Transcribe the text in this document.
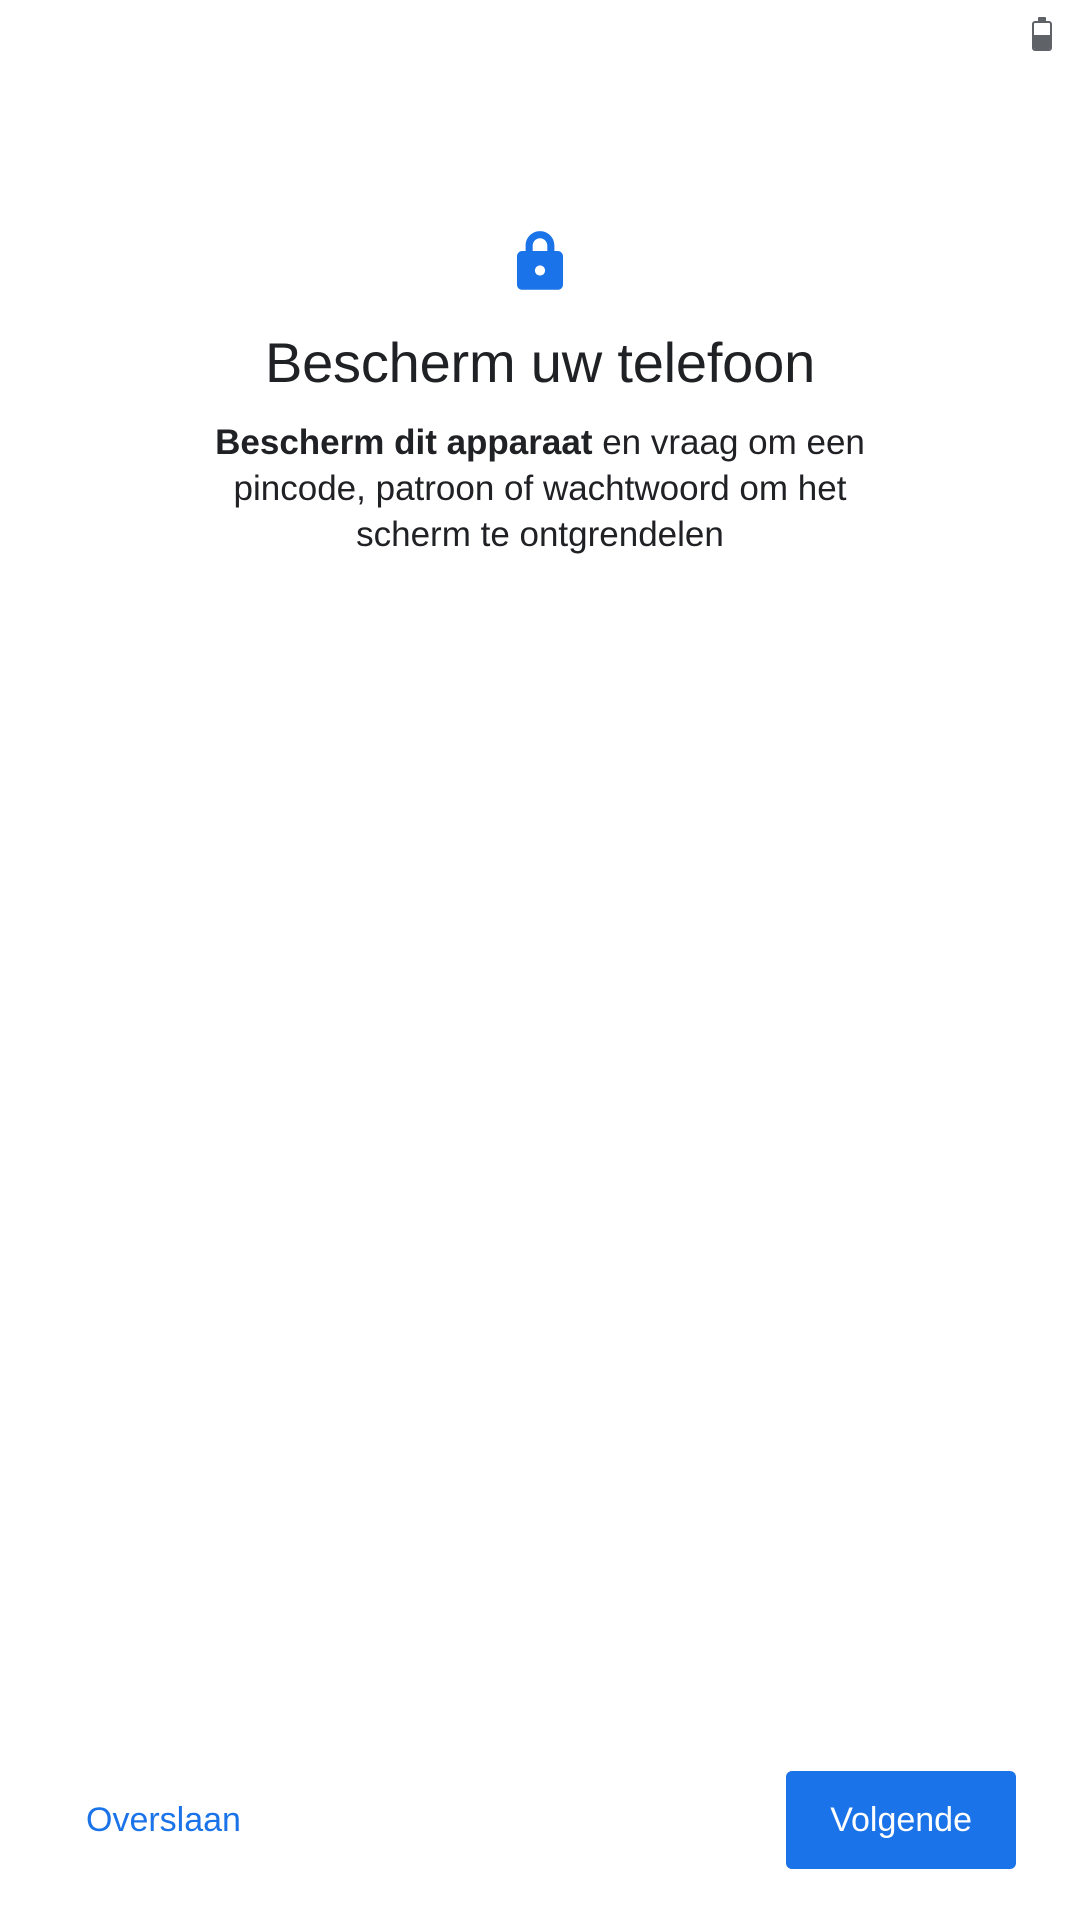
Bescherm uw telefoon

Bescherm dit apparaat en vraag om een pincode, patroon of wachtwoord om het scherm te ontgrendelen

Overslaan	Volgende
